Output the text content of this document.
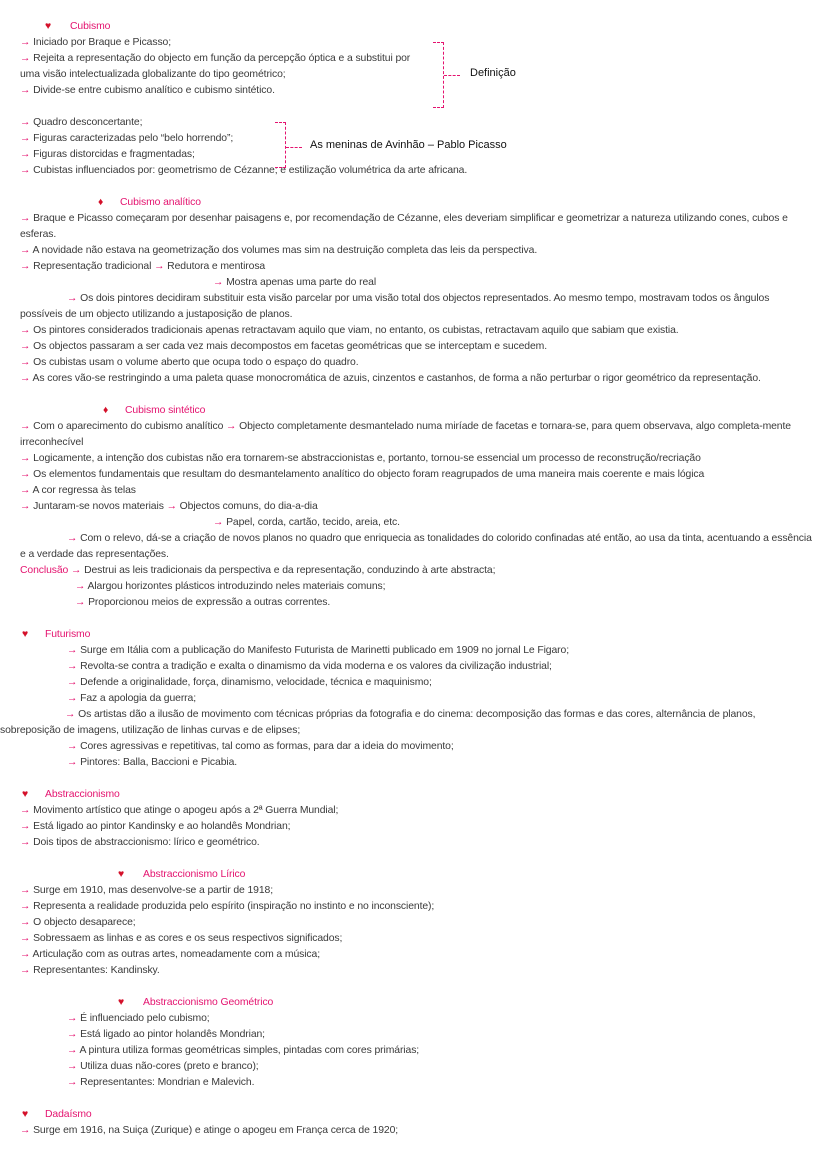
♥ Cubismo
→ Iniciado por Braque e Picasso;
→ Rejeita a representação do objecto em função da percepção óptica e a substitui por
uma visão intelectualizada globalizante do tipo geométrico;
→ Divide-se entre cubismo analítico e cubismo sintético.
→ Quadro desconcertante;
→ Figuras caracterizadas pelo “belo horrendo”;
→ Figuras distorcidas e fragmentadas;
→ Cubistas influenciados por: geometrismo de Cézanne; e estilização volumétrica da arte africana.
♦ Cubismo analítico
→ Braque e Picasso começaram por desenhar paisagens e, por recomendação de Cézanne, eles deveriam simplificar e geometrizar a natureza utilizando cones, cubos e esferas.
→ A novidade não estava na geometrização dos volumes mas sim na destruição completa das leis da perspectiva.
→ Representação tradicional → Redutora e mentirosa
→ Mostra apenas uma parte do real
→ Os dois pintores decidiram substituir esta visão parcelar por uma visão total dos objectos representados. Ao mesmo tempo, mostravam todos os ângulos possíveis de um objecto utilizando a justaposição de planos.
→ Os pintores considerados tradicionais apenas retractavam aquilo que viam, no entanto, os cubistas, retractavam aquilo que sabiam que existia.
→ Os objectos passaram a ser cada vez mais decompostos em facetas geométricas que se interceptam e sucedem.
→ Os cubistas usam o volume aberto que ocupa todo o espaço do quadro.
→ As cores vão-se restringindo a uma paleta quase monocromática de azuis, cinzentos e castanhos, de forma a não perturbar o rigor geométrico da representação.
♦ Cubismo sintético
→ Com o aparecimento do cubismo analítico → Objecto completamente desmantelado numa miríade de facetas e tornara-se, para quem observava, algo completa-mente irreconhecível
→ Logicamente, a intenção dos cubistas não era tornarem-se abstraccionistas e, portanto, tornou-se essencial um processo de reconstrução/recriação
→ Os elementos fundamentais que resultam do desmantelamento analítico do objecto foram reagrupados de uma maneira mais coerente e mais lógica
→ A cor regressa às telas
→ Juntaram-se novos materiais → Objectos comuns, do dia-a-dia
→ Papel, corda, cartão, tecido, areia, etc.
→ Com o relevo, dá-se a criação de novos planos no quadro que enriquecia as tonalidades do colorido confinadas até então, ao usa da tinta, acentuando a essência e a verdade das representações.
Conclusão → Destrui as leis tradicionais da perspectiva e da representação, conduzindo à arte abstracta;
→ Alargou horizontes plásticos introduzindo neles materiais comuns;
→ Proporcionou meios de expressão a outras correntes.
♥ Futurismo
→ Surge em Itália com a publicação do Manifesto Futurista de Marinetti publicado em 1909 no jornal Le Figaro;
→ Revolta-se contra a tradição e exalta o dinamismo da vida moderna e os valores da civilização industrial;
→ Defende a originalidade, força, dinamismo, velocidade, técnica e maquinismo;
→ Faz a apologia da guerra;
→ Os artistas dão a ilusão de movimento com técnicas próprias da fotografia e do cinema: decomposição das formas e das cores, alternância de planos, sobreposição de imagens, utilização de linhas curvas e de elipses;
→ Cores agressivas e repetitivas, tal como as formas, para dar a ideia do movimento;
→ Pintores: Balla, Baccioni e Picabia.
♥ Abstraccionismo
→ Movimento artístico que atinge o apogeu após a 2ª Guerra Mundial;
→ Está ligado ao pintor Kandinsky e ao holandês Mondrian;
→ Dois tipos de abstraccionismo: lírico e geométrico.
♥ Abstraccionismo Lírico
→ Surge em 1910, mas desenvolve-se a partir de 1918;
→ Representa a realidade produzida pelo espírito (inspiração no instinto e no inconsciente);
→ O objecto desaparece;
→ Sobressaem as linhas e as cores e os seus respectivos significados;
→ Articulação com as outras artes, nomeadamente com a música;
→ Representantes: Kandinsky.
♥ Abstraccionismo Geométrico
→ É influenciado pelo cubismo;
→ Está ligado ao pintor holandês Mondrian;
→ A pintura utiliza formas geométricas simples, pintadas com cores primárias;
→ Utiliza duas não-cores (preto e branco);
→ Representantes: Mondrian e Malevich.
♥ Dadaísmo
→ Surge em 1916, na Suiça (Zurique) e atinge o apogeu em França cerca de 1920;
Definição
As meninas de Avinhão – Pablo Picasso
